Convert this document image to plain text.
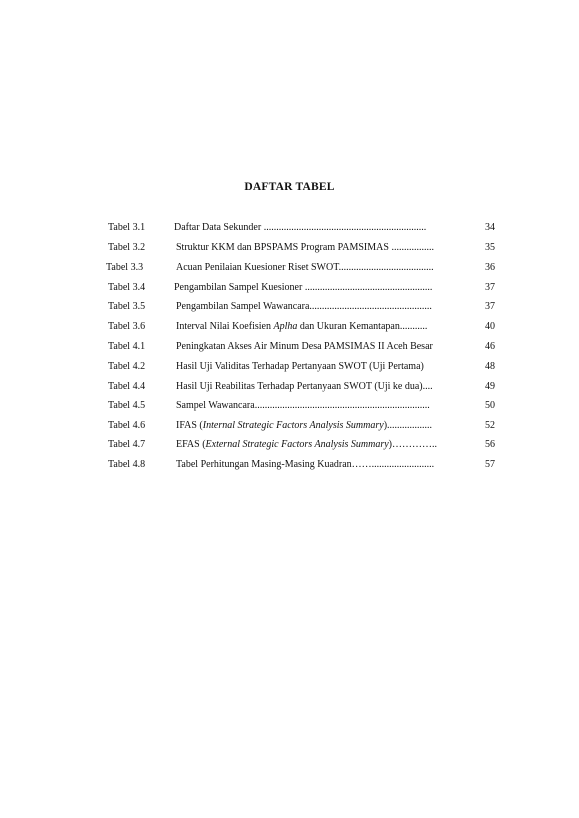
DAFTAR TABEL
Tabel 3.1	Daftar Data Sekunder .................................................................	34
Tabel 3.2	Struktur KKM dan BPSPAMS Program PAMSIMAS .................	35
Tabel 3.3	Acuan Penilaian Kuesioner Riset SWOT......................................	36
Tabel 3.4	Pengambilan Sampel Kuesioner ...................................................	37
Tabel 3.5	Pengambilan Sampel Wawancara.................................................	37
Tabel 3.6	Interval Nilai Koefisien Aplha dan Ukuran Kemantapan...........	40
Tabel 4.1	Peningkatan Akses Air Minum Desa PAMSIMAS II Aceh Besar	46
Tabel 4.2	Hasil Uji Validitas Terhadap Pertanyaan SWOT (Uji Pertama)	48
Tabel 4.4	Hasil Uji Reabilitas Terhadap Pertanyaan SWOT (Uji ke dua)....	49
Tabel 4.5	Sampel Wawancara......................................................................	50
Tabel 4.6	IFAS (Internal Strategic Factors Analysis Summary)..................	52
Tabel 4.7	EFAS (External Strategic Factors Analysis Summary)…………..	56
Tabel 4.8	Tabel Perhitungan Masing-Masing Kuadran…….........................	57
